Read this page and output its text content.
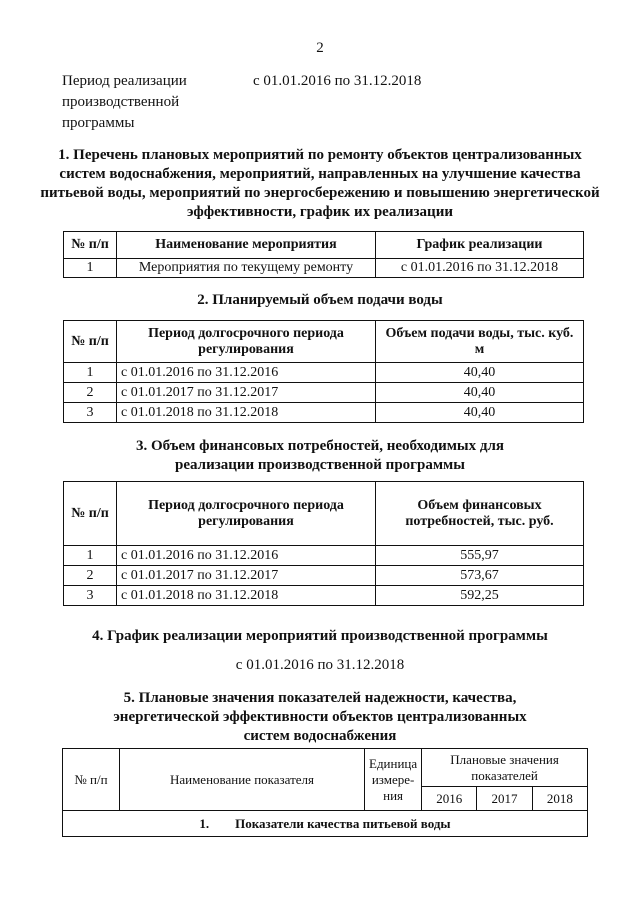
2
Период реализации производственной программы
с 01.01.2016 по 31.12.2018
1. Перечень плановых мероприятий по ремонту объектов централизованных систем водоснабжения, мероприятий, направленных на улучшение качества питьевой воды, мероприятий по энергосбережению и повышению энергетической эффективности, график их реализации
№ п/п	Наименование мероприятия	График реализации
1	Мероприятия по текущему ремонту	с 01.01.2016 по 31.12.2018
2. Планируемый объем подачи воды
№ п/п	Период долгосрочного периода регулирования	Объем подачи воды, тыс. куб. м
1	с 01.01.2016 по 31.12.2016	40,40
2	с 01.01.2017 по 31.12.2017	40,40
3	с 01.01.2018 по 31.12.2018	40,40
3. Объем финансовых потребностей, необходимых для реализации производственной программы
№ п/п	Период долгосрочного периода регулирования	Объем финансовых потребностей, тыс. руб.
1	с 01.01.2016 по 31.12.2016	555,97
2	с 01.01.2017 по 31.12.2017	573,67
3	с 01.01.2018 по 31.12.2018	592,25
4. График реализации мероприятий производственной программы
с 01.01.2016 по 31.12.2018
5. Плановые значения показателей надежности, качества, энергетической эффективности объектов централизованных систем водоснабжения
№ п/п	Наименование показателя	Единица измере-ния	Плановые значения показателей		
			2016	2017	2018
1. Показатели качества питьевой воды					
